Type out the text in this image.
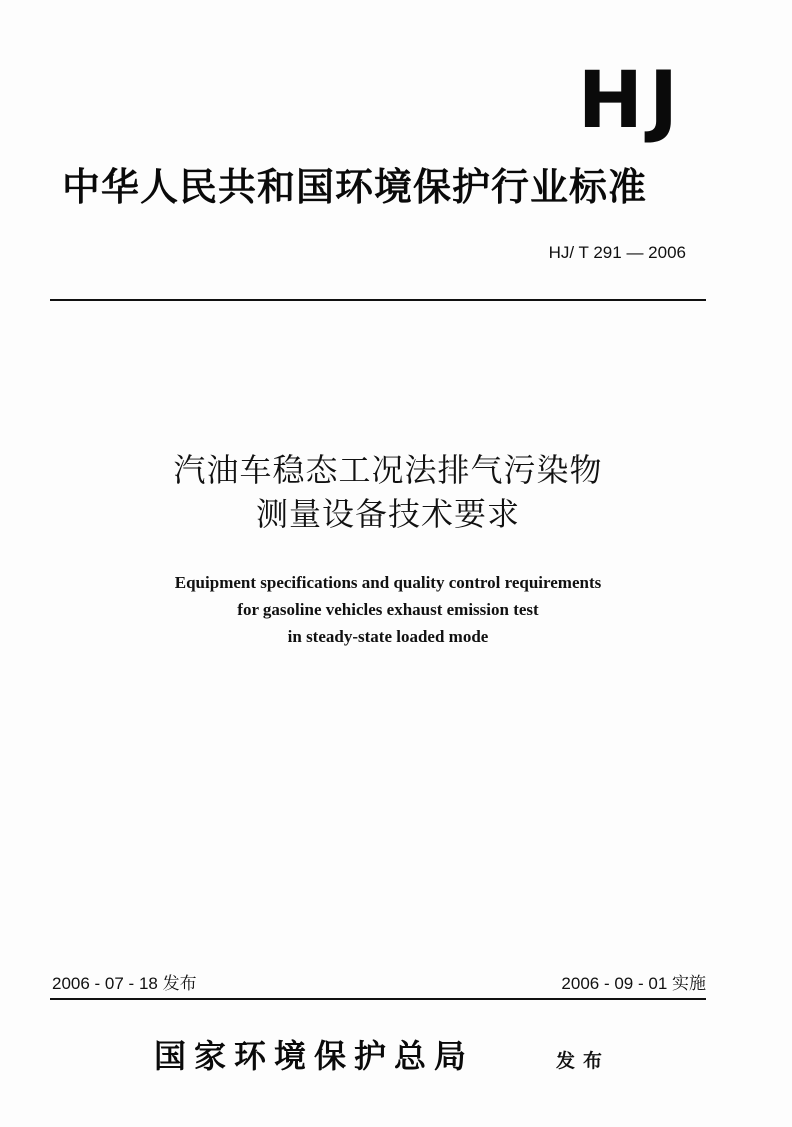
HJ
中华人民共和国环境保护行业标准
HJ/ T 291 — 2006
汽油车稳态工况法排气污染物
测量设备技术要求
Equipment specifications and quality control requirements
for gasoline vehicles exhaust emission test
in steady-state loaded mode
2006 - 07 - 18 发布	2006 - 09 - 01 实施
国家环境保护总局	发布
